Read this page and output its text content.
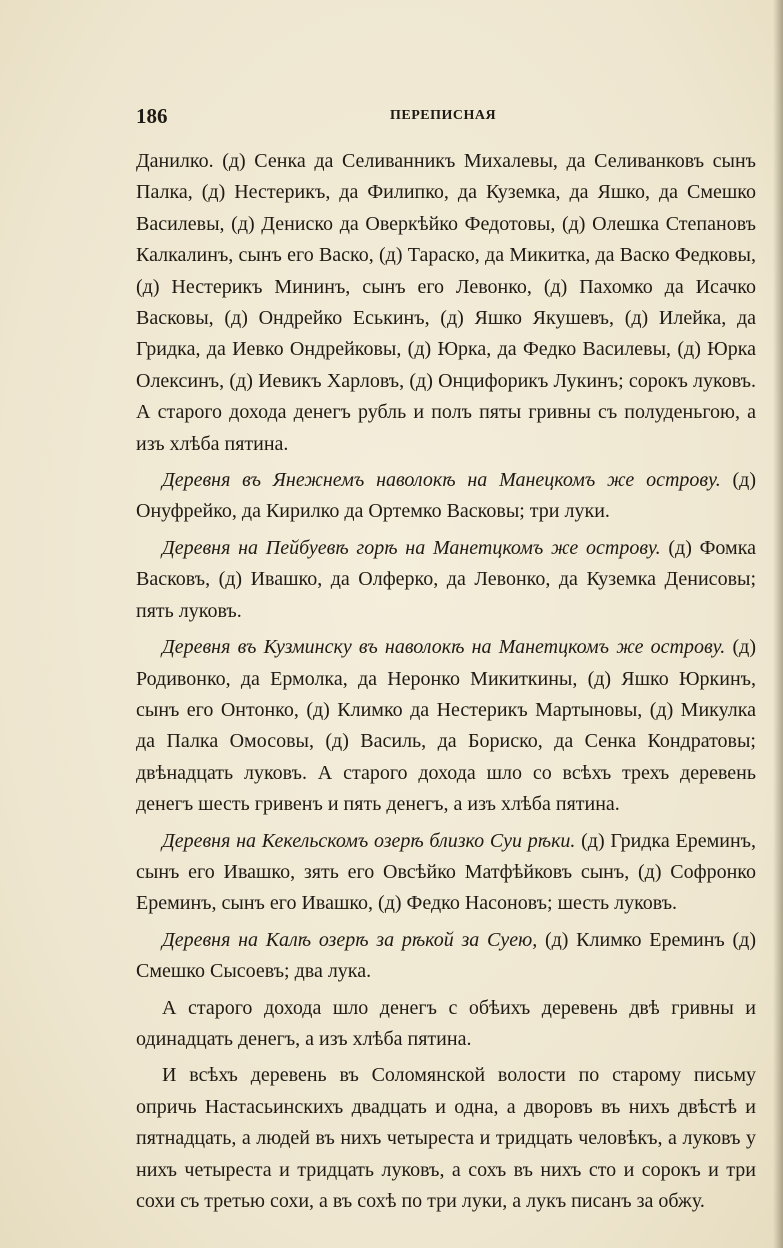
186	ПЕРЕПИСНАЯ

Данилко. (д) Сенка да Селиванникъ Михалевы, да Селиванковъ сынъ Палка, (д) Нестерикъ, да Филипко, да Куземка, да Яшко, да Смешко Василевы, (д) Дениско да Оверкѣйко Федотовы, (д) Олешка Степановъ Калкалинъ, сынъ его Васко, (д) Тараско, да Микитка, да Васко Федковы, (д) Нестерикъ Мининъ, сынъ его Левонко, (д) Пахомко да Исачко Васковы, (д) Ондрейко Еськинъ, (д) Яшко Якушевъ, (д) Илейка, да Гридка, да Иевко Ондрейковы, (д) Юрка, да Федко Василевы, (д) Юрка Олексинъ, (д) Иевикъ Харловъ, (д) Онцифорикъ Лукинъ; сорокъ луковъ. А старого дохода денегъ рубль и полъ пяты гривны съ полуденьгою, а изъ хлѣба пятина.

Деревня въ Янежнемъ наволокѣ на Манецкомъ же острову. (д) Онуфрейко, да Кирилко да Ортемко Васковы; три луки.

Деревня на Пейбуевѣ горѣ на Манетцкомъ же острову. (д) Фомка Васковъ, (д) Ивашко, да Олферко, да Левонко, да Куземка Денисовы; пять луковъ.

Деревня въ Кузминску въ наволокѣ на Манетцкомъ же острову. (д) Родивонко, да Ермолка, да Неронко Микиткины, (д) Яшко Юркинъ, сынъ его Онтонко, (д) Климко да Нестерикъ Мартыновы, (д) Микулка да Палка Омосовы, (д) Василь, да Бориско, да Сенка Кондратовы; двѣнадцать луковъ. А старого дохода шло со всѣхъ трехъ деревень денегъ шесть гривенъ и пять денегъ, а изъ хлѣба пятина.

Деревня на Кекельскомъ озерѣ близко Суи рѣки. (д) Гридка Ереминъ, сынъ его Ивашко, зять его Овсѣйко Матфѣйковъ сынъ, (д) Софронко Ереминъ, сынъ его Ивашко, (д) Федко Насоновъ; шесть луковъ.

Деревня на Калѣ озерѣ за рѣкой за Суею, (д) Климко Ереминъ (д) Смешко Сысоевъ; два лука.

А старого дохода шло денегъ с обѣихъ деревень двѣ гривны и одинадцать денегъ, а изъ хлѣба пятина.

И всѣхъ деревень въ Соломянской волости по старому письму опричь Настасьинскихъ двадцать и одна, а дворовъ въ нихъ двѣстѣ и пятнадцать, а людей въ нихъ четыреста и тридцать человѣкъ, а луковъ у нихъ четыреста и тридцать луковъ, а сохъ въ нихъ сто и сорокъ и три сохи съ третью сохи, а въ сохѣ по три луки, а лукъ писанъ за обжу.
